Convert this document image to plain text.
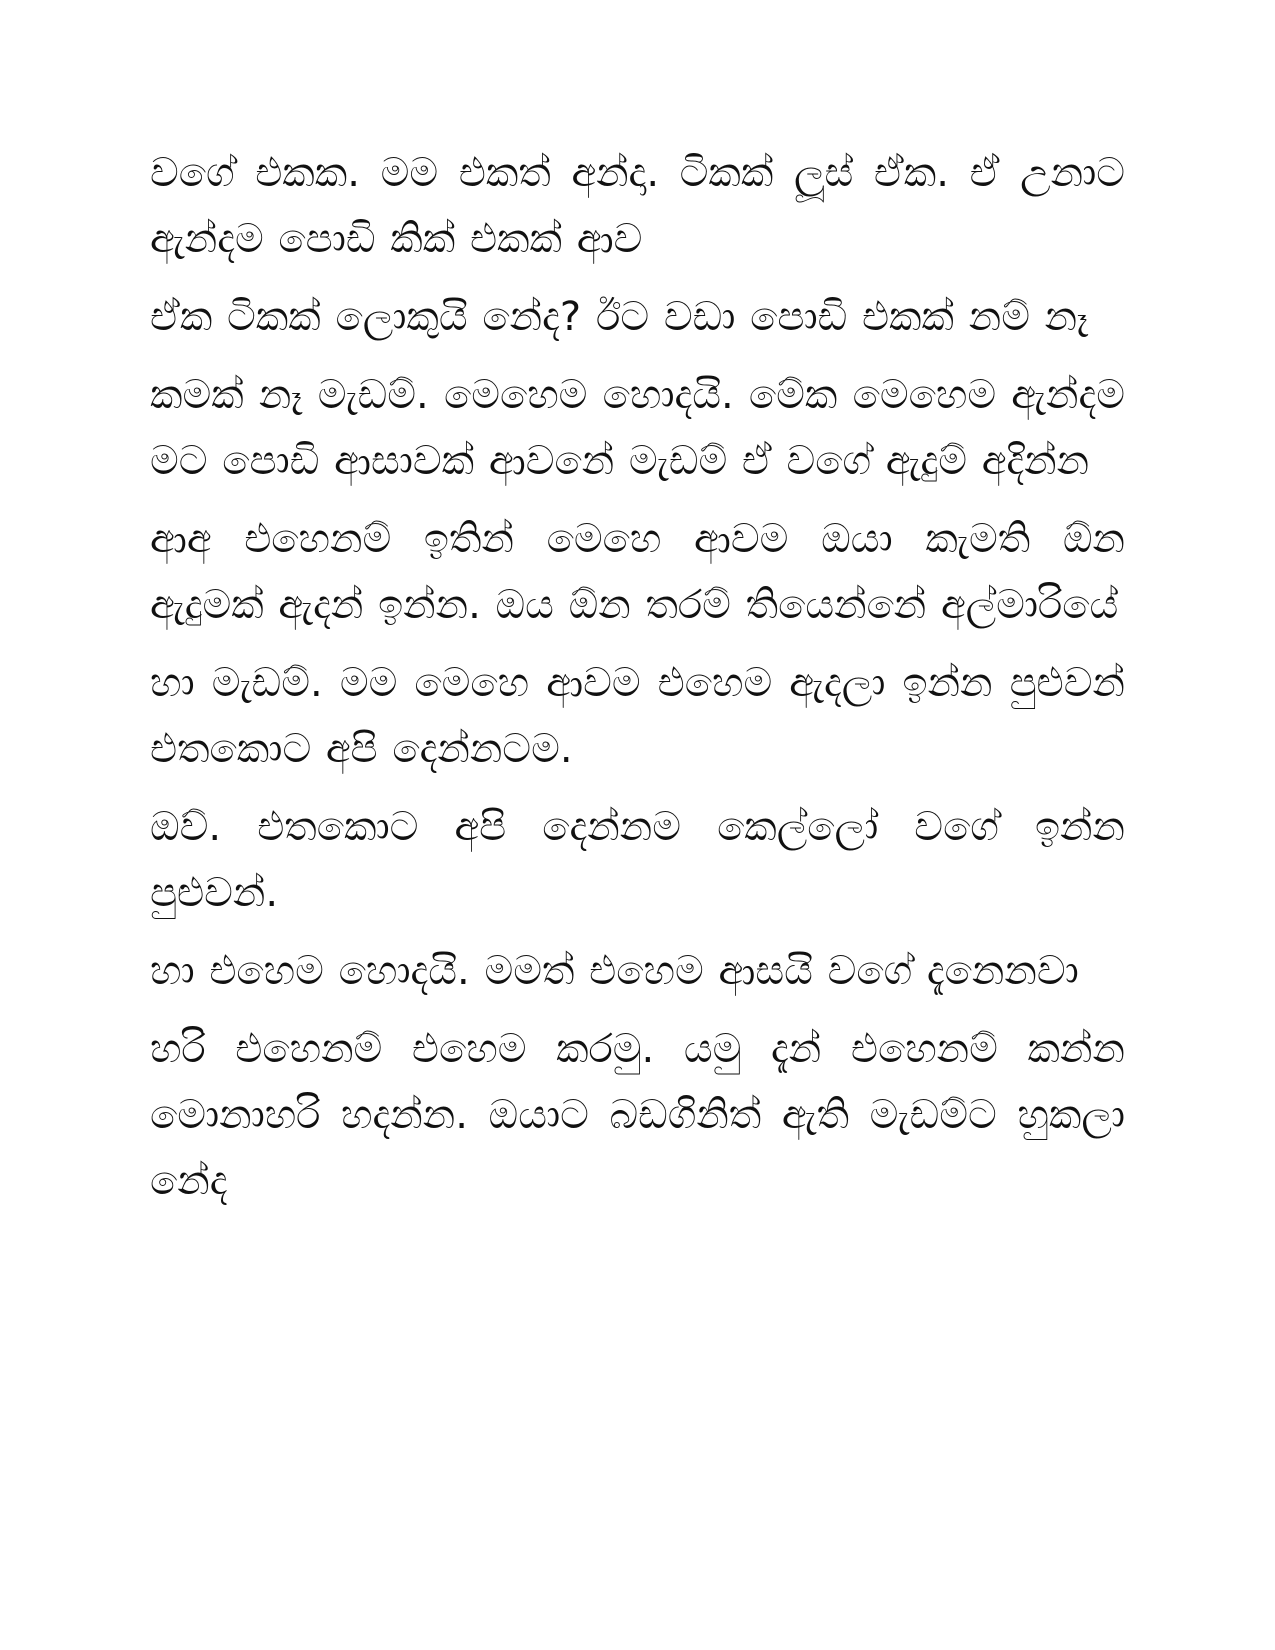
වගේ එකක. මම එකත් අන්දා. ටිකක් ලූස් ඒක. ඒ උනාට ඇන්දම පොඩි කික් එකක් ආව

ඒක ටිකක් ලොකුයි නේද? ඊට වඩා පොඩි එකක් නම් නෑ

කමක් නෑ මැඩම්. මෙහෙම හොදයි. මේක මෙහෙම ඇන්දම මට පොඩි ආසාවක් ආවනේ මැඩම් ඒ වගේ ඇදුම් අදින්න

ආඅ එහෙනම් ඉතින් මෙහෙ ආවම ඔයා කැමති ඕන ඇදුමක් ඇදන් ඉන්න. ඔය ඕන තරම් තියෙන්නේ අල්මාරියේ

හා මැඩම්. මම මෙහෙ ආවම එහෙම ඇදලා ඉන්න පුළුවන් එතකොට අපි දෙන්නටම.

ඔව්. එතකොට අපි දෙන්නම කෙල්ලෝ වගේ ඉන්න පුළුවන්.

හා එහෙම හොදයි. මමත් එහෙම ආසයි වගේ දැනෙනවා

හරි එහෙනම් එහෙම කරමු. යමු දැන් එහෙනම් කන්න මොනාහරි හදන්න. ඔයාට බඩගිනිත් ඇති මැඩම්ට හුකලා නේද
